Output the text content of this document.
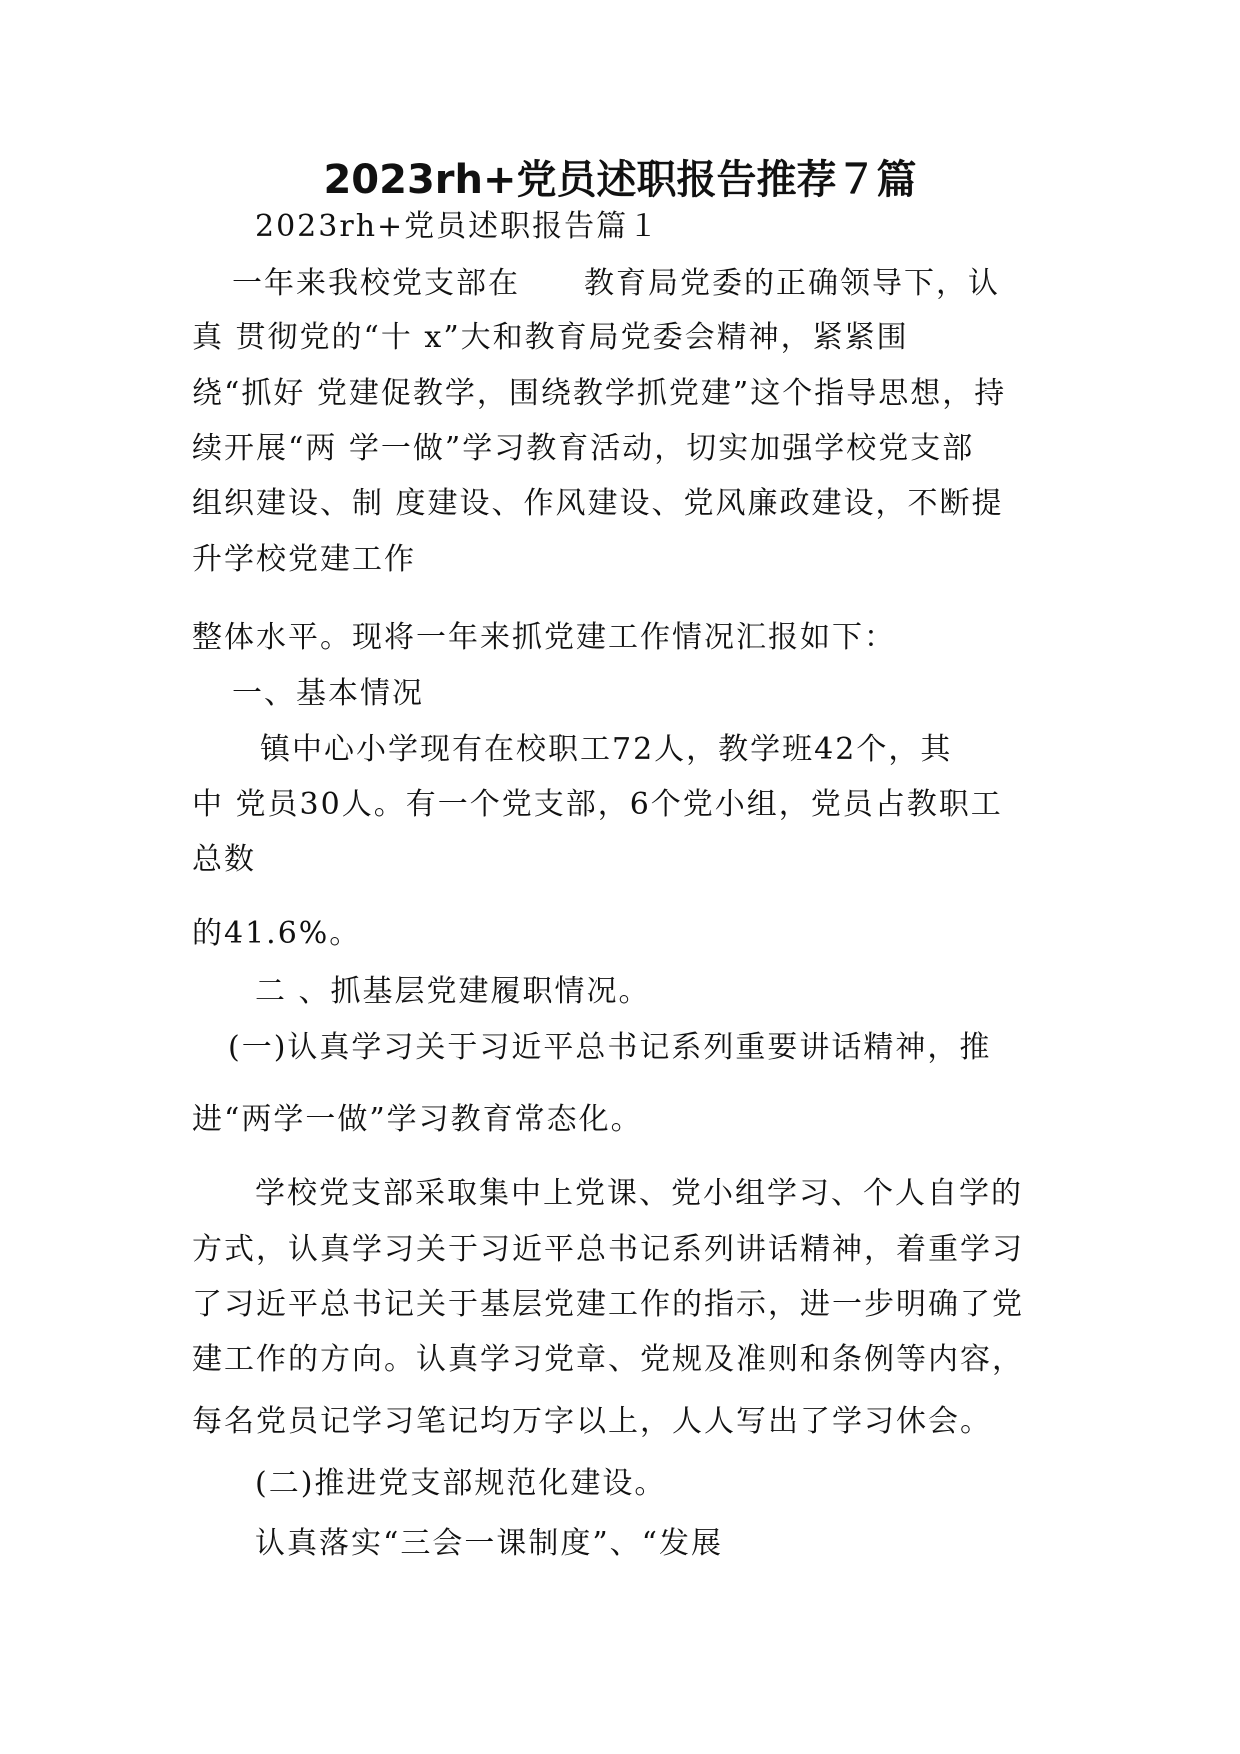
2023rh+党员述职报告推荐７篇
2023rh+党员述职报告篇１
一年来我校党支部在　　教育局党委的正确领导下，认
真 贯彻党的“十 x”大和教育局党委会精神，紧紧围
绕“抓好 党建促教学，围绕教学抓党建”这个指导思想，持
续开展“两 学一做”学习教育活动，切实加强学校党支部
组织建设、制 度建设、作风建设、党风廉政建设，不断提
升学校党建工作
整体水平。现将一年来抓党建工作情况汇报如下：
一、基本情况
镇中心小学现有在校职工72人，教学班42个，其
中 党员30人。有一个党支部，6个党小组，党员占教职工
总数
的41.6%。
二 、抓基层党建履职情况。
(一)认真学习关于习近平总书记系列重要讲话精神，推
进“两学一做”学习教育常态化。
学校党支部采取集中上党课、党小组学习、个人自学的
方式，认真学习关于习近平总书记系列讲话精神，着重学习
了习近平总书记关于基层党建工作的指示，进一步明确了党
建工作的方向。认真学习党章、党规及准则和条例等内容，
每名党员记学习笔记均万字以上，人人写出了学习休会。
(二)推进党支部规范化建设。
认真落实“三会一课制度”、“发展
